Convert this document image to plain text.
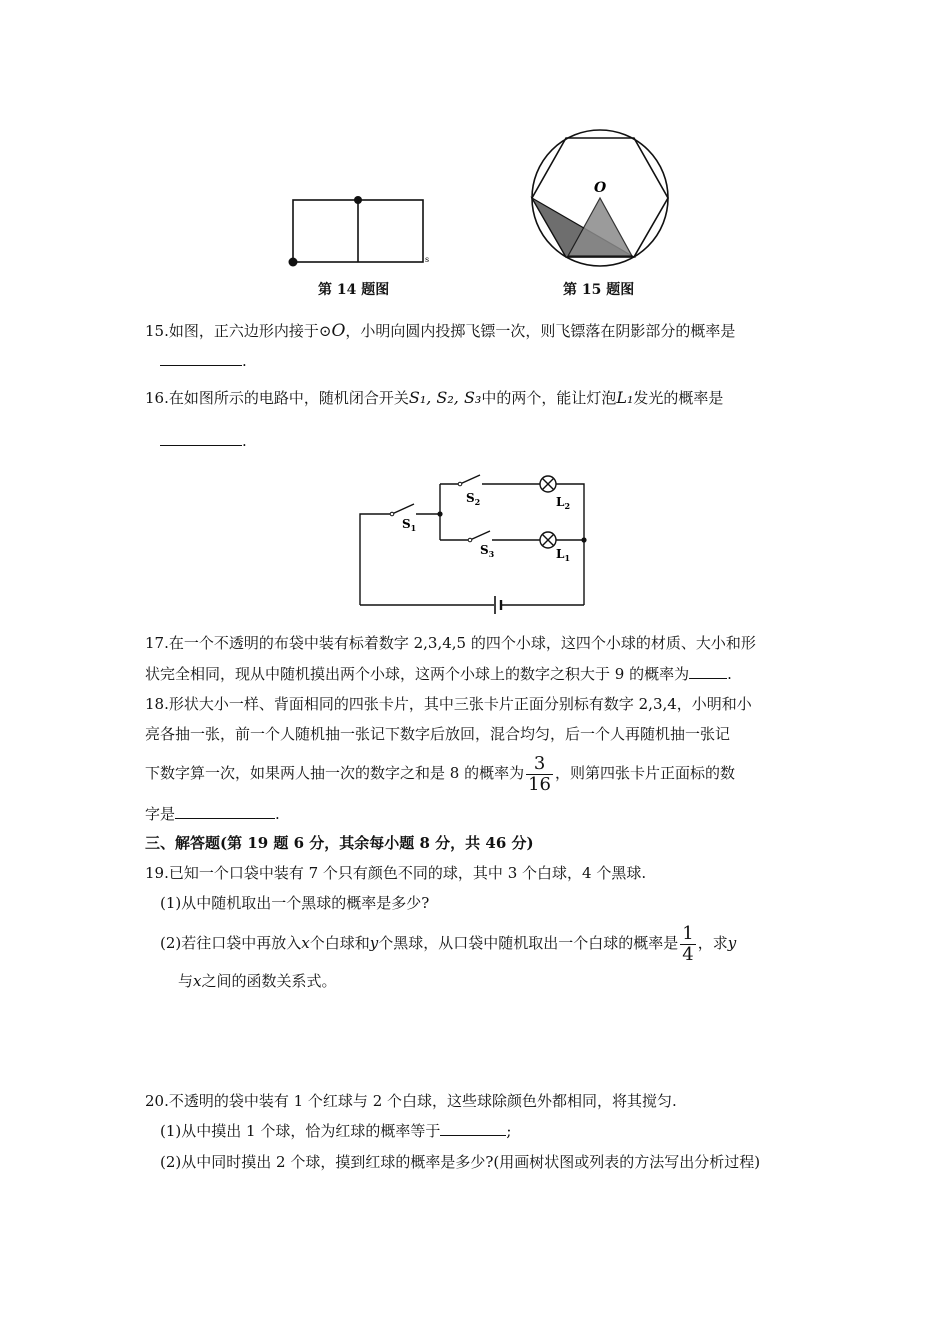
s
第 14 题图
O
第 15 题图
15.如图，正六边形内接于⊙O，小明向圆内投掷飞镖一次，则飞镖落在阴影部分的概率是
.
16.在如图所示的电路中，随机闭合开关S₁, S₂, S₃中的两个，能让灯泡L₁发光的概率是
.
$S_1$
$S_2$
$S_3$
$L_2$
$L_1$
17.在一个不透明的布袋中装有标着数字 2,3,4,5 的四个小球，这四个小球的材质、大小和形
状完全相同，现从中随机摸出两个小球，这两个小球上的数字之积大于 9 的概率为	.
18.形状大小一样、背面相同的四张卡片，其中三张卡片正面分别标有数字 2,3,4，小明和小
亮各抽一张，前一个人随机抽一张记下数字后放回，混合均匀，后一个人再随机抽一张记
下数字算一次，如果两人抽一次的数字之和是 8 的概率为 $\frac{3}{16}$ ，则第四张卡片正面标的数
字是	.
三、解答题(第 19 题 6 分，其余每小题 8 分，共 46 分)
19.已知一个口袋中装有 7 个只有颜色不同的球，其中 3 个白球，4 个黑球.
(1)从中随机取出一个黑球的概率是多少?
(2)若往口袋中再放入x个白球和y个黑球，从口袋中随机取出一个白球的概率是 $\frac{1}{4}$ ，求y
与x之间的函数关系式。
20.不透明的袋中装有 1 个红球与 2 个白球，这些球除颜色外都相同，将其搅匀.
(1)从中摸出 1 个球，恰为红球的概率等于	;
(2)从中同时摸出 2 个球，摸到红球的概率是多少?(用画树状图或列表的方法写出分析过程)
